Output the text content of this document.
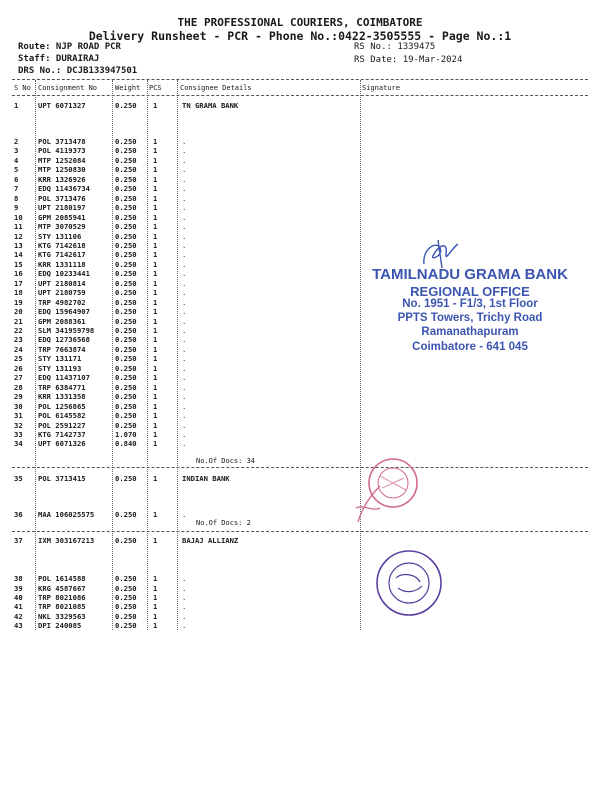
THE PROFESSIONAL COURIERS, COIMBATORE
Delivery Runsheet - PCR - Phone No.:0422-3505555 - Page No.:1
Route: NJP ROAD PCR
Staff: DURAIRAJ
DRS No.: DCJB133947501
RS No.: 1339475
RS Date: 19-Mar-2024
S No Consignment No	Weight PCS	Consignee Details	Signature
1	UPT 6071327	0.250 1	TN GRAMA BANK
2	POL 3713478	0.250 1	.
3	POL 4119373	0.250 1	.
4	MTP 1252084	0.250 1	.
5	MTP 1250830	0.250 1	.
6	KRR 1326926	0.250 1	.
7	EDQ 11436734	0.250 1	.
8	POL 3713476	0.250 1	.
9	UPT 2180197	0.250 1	.
10 GPM 2085941	0.250 1	.
11 MTP 3070529	0.250 1	.
12 STY 131106	0.250 1	.
13 KTG 7142618	0.250 1	.
14 KTG 7142617	0.250 1	.
15 KRR 1331118	0.250 1	.
16 EDQ 10233441	0.250 1	.
17 UPT 2180814	0.250 1	.
18 UPT 2180759	0.250 1	.
19 TRP 4982702	0.250 1	.
20 EDQ 15964907	0.250 1	.
21 GPM 2088361	0.250 1	.
22 SLM 341959798	0.250 1	.
23 EDQ 12736568	0.250 1	.
24 TRP 7663874	0.250 1	.
25 STY 131171	0.250 1	.
26 STY 131193	0.250 1	.
27 EDQ 11437107	0.250 1	.
28 TRP 6384771	0.250 1	.
29 KRR 1331358	0.250 1	.
30 POL 1256865	0.250 1	.
31 POL 6145582	0.250 1	.
32 POL 2591227	0.250 1	.
33 KTG 7142737	1.070 1	.
34 UPT 6071326	0.840 1	.
35 POL 3713415	0.250 1	INDIAN BANK
36 MAA 106025575	0.250 1	.
37 IXM 303167213	0.250 1	BAJAJ ALLIANZ
38 POL 1614588	0.250 1	.
39 KRG 4587667	0.250 1	.
40 TRP 8021086	0.250 1	.
41 TRP 8021085	0.250 1	.
42 NKL 3329563	0.250 1	.
43 DPI 240085	0.250 1	.
No.Of Docs: 34
No.Of Docs: 2
TAMILNADU GRAMA BANK
REGIONAL OFFICE
No. 1951 - F1/3, 1st Floor
PPTS Towers, Trichy Road
Ramanathapuram
Coimbatore - 641 045
